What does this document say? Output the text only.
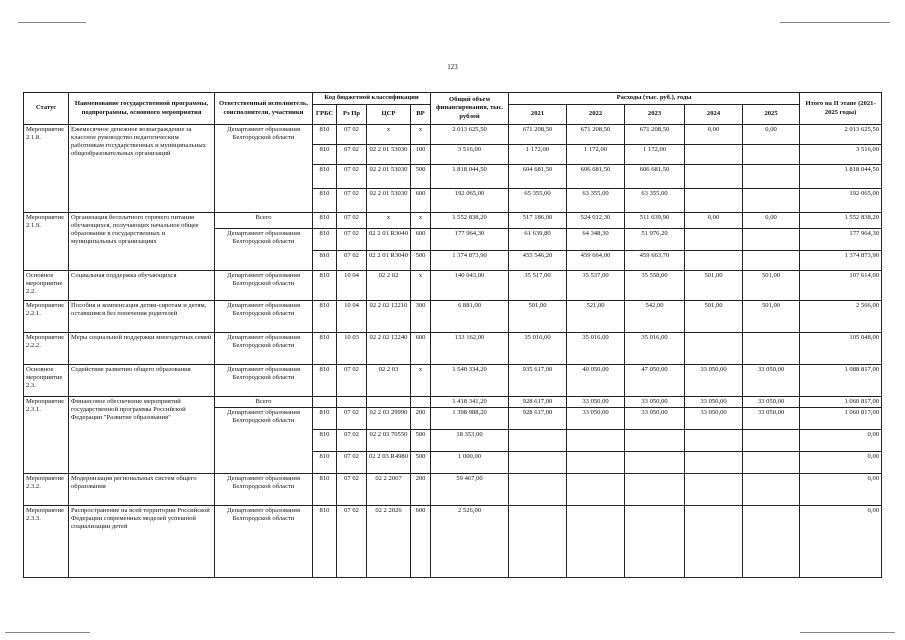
123
Статус	Наименование государственной программы, подпрограммы, основного мероприятия	Ответственный исполнитель, соисполнители, участники	Код бюджетной классификации				Общий объем финансирования, тыс. рублей	Расходы (тыс. руб.), годы					Итого на II этапе (2021-2025 годы)
			ГРБС	Рз Пр	ЦСР	ВР		2021	2022	2023	2024	2025	

Мероприятие 2.1.8.	Ежемесячное денежное вознаграждение за классное руководство педагогическим работникам государственных и муниципальных общеобразовательных организаций	Департамент образования Белгородской области	810	07 02	х	х	2 013 625,50	671 208,50	671 208,50	671 208,50	0,00	0,00	2 013 625,50
			810	07 02	02 2 01 53030	100	3 516,00	1 172,00	1 172,00	1 172,00			3 516,00
			810	07 02	02 2 01 53030	500	1 818 044,50	604 681,50	606 681,50	606 681,50			1 818 044,50
			810	07 02	02 2 01 53030	600	192 065,00	65 355,00	63 355,00	63 355,00			192 065,00
Мероприятие 2.1.9.	Организация бесплатного горячего питания обучающихся, получающих начальное общее образование в государственных и муниципальных организациях	Всего	810	07 02	х	х	1 552 838,20	517 186,00	524 012,30	511 639,90	0,00	0,00	1 552 838,20
		Департамент образования Белгородской области	810	07 02	02 2 01 R3040	600	177 964,30	61 639,80	64 348,30	51 976,20			177 964,30
			810	07 02	02 2 01 R3040	500	1 374 873,90	455 546,20	459 664,00	459 663,70			1 374 873,90
Основное мероприятие 2.2.	Социальная поддержка обучающихся	Департамент образования Белгородской области	810	10 04	02 2 02	х	140 043,00	35 517,00	35 537,00	35 558,00	501,00	501,00	107 614,00
Мероприятие 2.2.1.	Пособия и компенсация детям-сиротам и детям, оставшимся без попечения родителей	Департамент образования Белгородской области	810	10 04	02 2 02 12210	300	6 881,00	501,00	521,00	542,00	501,00	501,00	2 566,00
Мероприятие 2.2.2.	Меры социальной поддержки многодетных семей	Департамент образования Белгородской области	810	10 03	02 2 02 12240	600	133 162,00	35 016,00	35 016,00	35 016,00			105 048,00
Основное мероприятие 2.3.	Содействие развитию общего образования	Департамент образования Белгородской области	810	07 02	02 2 03	х	1 540 334,20	935 617,00	40 050,00	47 050,00	33 050,00	33 050,00	1 088 817,00
Мероприятие 2.3.1.	Финансовое обеспечение мероприятий государственной программы Российской Федерации "Развитие образования"	Всего					1 418 341,20	928 617,00	33 050,00	33 050,00	33 050,00	33 050,00	1 060 817,00
		Департамент образования Белгородской области	810	07 02	02 2 03 29990	200	1 398 988,20	928 617,00	33 050,00	33 050,00	33 050,00	33 050,00	1 060 817,00
			810	07 02	02 2 03 70550	500	18 353,00						0,00
			810	07 02	02 2 03 R4980	500	1 000,00						0,00
Мероприятие 2.3.2.	Модернизация региональных систем общего образования	Департамент образования Белгородской области	810	07 02	02 2 2067	200	59 467,00						0,00
Мероприятие 2.3.3.	Распространение на всей территории Российской Федерации современных моделей успешной социализации детей	Департамент образования Белгородской области	810	07 02	02 2 2026	600	2 526,00						0,00
